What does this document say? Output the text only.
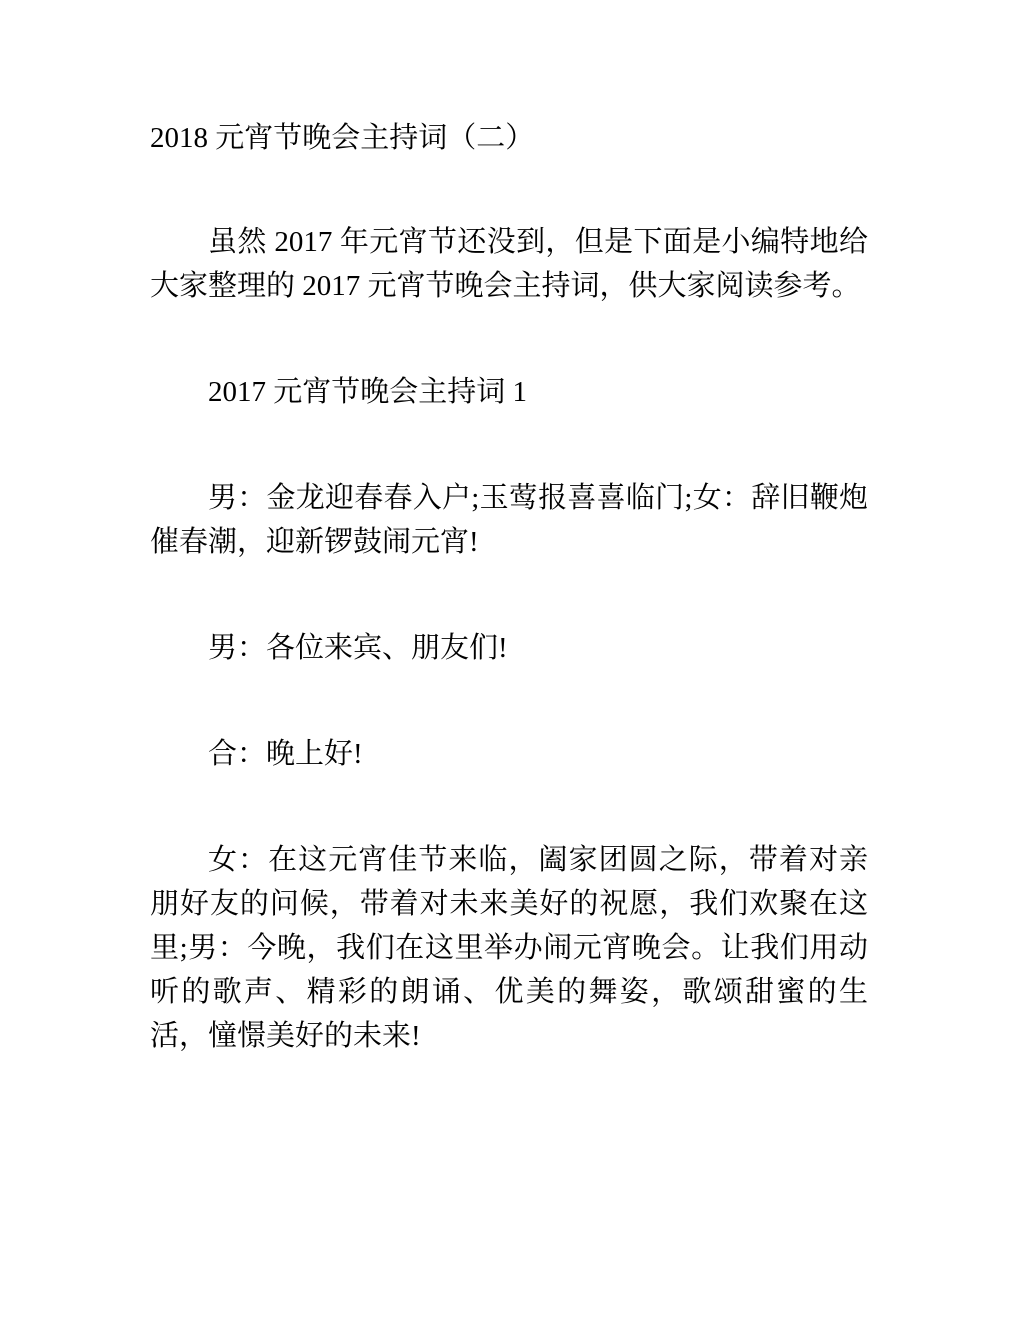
2018 元宵节晚会主持词（二）

虽然 2017 年元宵节还没到，但是下面是小编特地给大家整理的 2017 元宵节晚会主持词，供大家阅读参考。

2017 元宵节晚会主持词 1

男：金龙迎春春入户;玉莺报喜喜临门;女：辞旧鞭炮催春潮，迎新锣鼓闹元宵!

男：各位来宾、朋友们!

合：晚上好!

女：在这元宵佳节来临，阖家团圆之际，带着对亲朋好友的问候，带着对未来美好的祝愿，我们欢聚在这里;男：今晚，我们在这里举办闹元宵晚会。让我们用动听的歌声、精彩的朗诵、优美的舞姿，歌颂甜蜜的生活，憧憬美好的未来!
